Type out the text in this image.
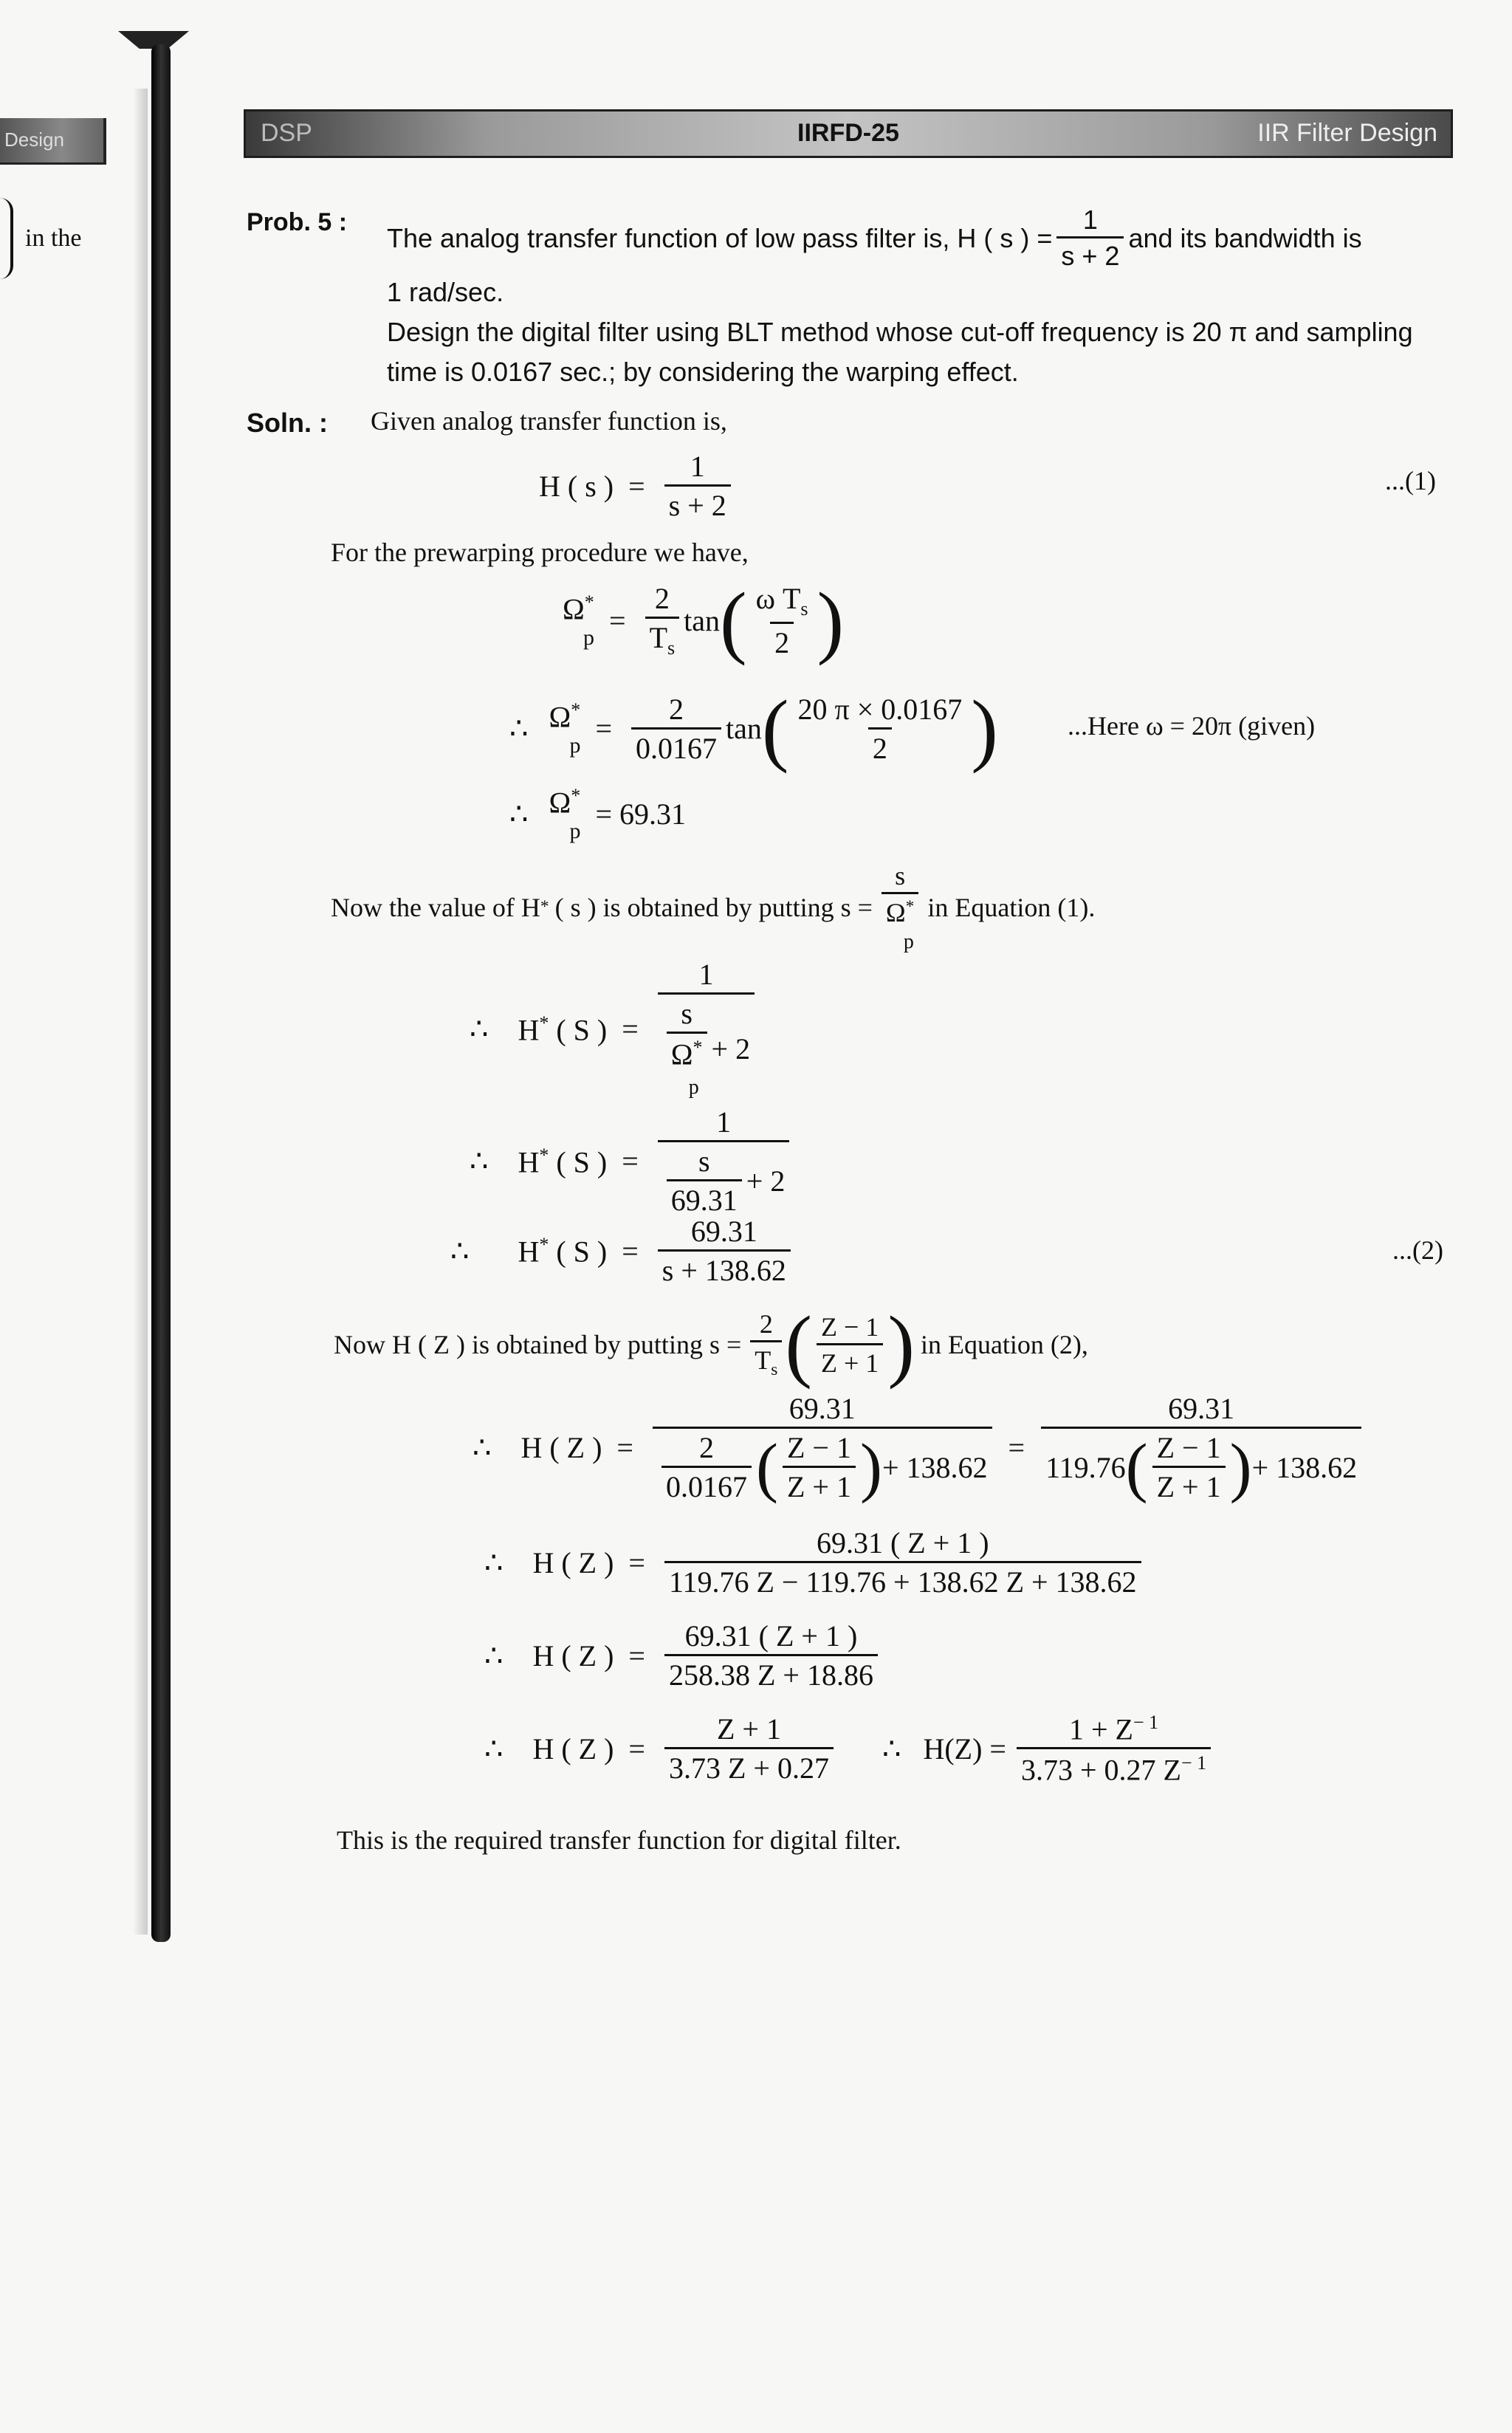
Design
in the
DSP	IIRFD-25	IIR Filter Design
Prob. 5 :
The analog transfer function of low pass filter is, H ( s ) = $\frac{1}{s + 2}$ and its bandwidth is
1 rad/sec.
Design the digital filter using BLT method whose cut-off frequency is 20 π and sampling
time is 0.0167 sec.; by considering the warping effect.
Soln. : Given analog transfer function is,
H ( s ) = $\frac{1}{s + 2}$	...(1)
For the prewarping procedure we have,
Ω*
p
= $\frac{2}{T_s}$ tan ( $\frac{\omega T_s}{2}$ )
∴ Ω*
p
= $\frac{2}{0.0167}$ tan ( $\frac{20 \pi \times 0.0167}{2}$ )	...Here ω = 20π (given)
∴ Ω*
p
= 69.31
Now the value of H * ( s ) is obtained by putting s =
s
Ω*
p
in Equation (1).
∴ H* ( S ) =
1
s
Ω*
p
+ 2
∴ H* ( S ) = $\frac{1}{\frac{s}{69.31} + 2}$
∴ H* ( S ) = $\frac{69.31}{s + 138.62}$	...(2)
Now H ( Z ) is obtained by putting $s = \frac{2}{T_s}$ ( $\frac{Z - 1}{Z + 1}$ ) in Equation (2),
∴ H ( Z ) =
69.31
$\frac{2}{0.0167}$ ( $\frac{Z - 1}{Z + 1}$ ) + 138.62
=
69.31
119.76 ( $\frac{Z - 1}{Z + 1}$ ) + 138.62
∴ H ( Z ) = $\frac{69.31 ( Z + 1 )}{119.76 Z - 119.76 + 138.62 Z + 138.62}$
∴ H ( Z ) = $\frac{69.31 ( Z + 1 )}{258.38 Z + 18.86}$
∴ H ( Z ) = $\frac{Z + 1}{3.73 Z + 0.27}$ ∴ $H(Z) = \frac{1 + Z^{- 1}}{3.73 + 0.27 Z^{- 1}}$
This is the required transfer function for digital filter.
